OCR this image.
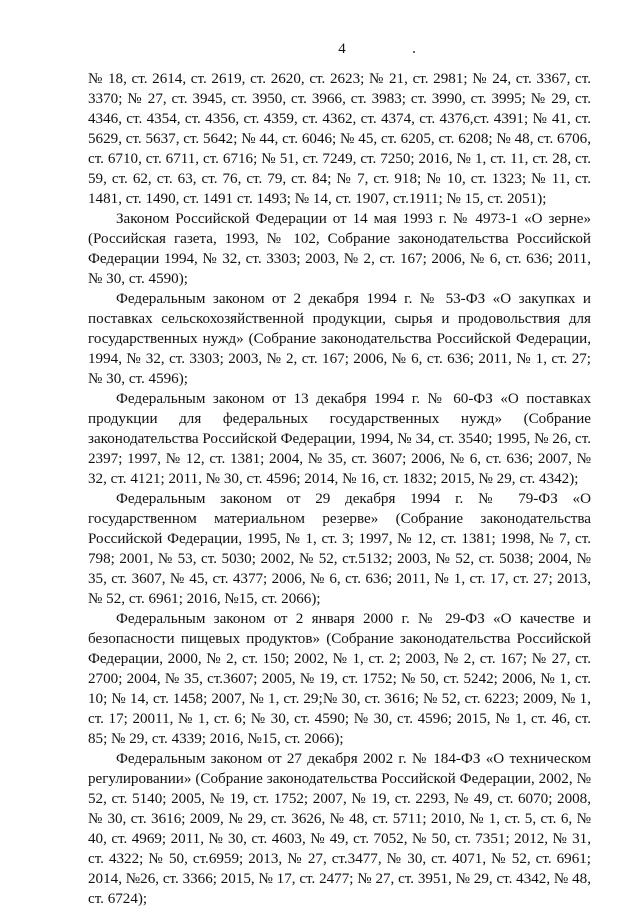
4

№ 18, ст. 2614, ст. 2619, ст. 2620, ст. 2623; № 21, ст. 2981; № 24, ст. 3367, ст. 3370; № 27, ст. 3945, ст. 3950, ст. 3966, ст. 3983; ст. 3990, ст. 3995; № 29, ст. 4346, ст. 4354, ст. 4356, ст. 4359, ст. 4362, ст. 4374, ст. 4376,ст. 4391; № 41, ст. 5629, ст. 5637, ст. 5642; № 44, ст. 6046; № 45, ст. 6205, ст. 6208; № 48, ст. 6706, ст. 6710, ст. 6711, ст. 6716; № 51, ст. 7249, ст. 7250; 2016, № 1, ст. 11, ст. 28, ст. 59, ст. 62, ст. 63, ст. 76, ст. 79, ст. 84; № 7, ст. 918; № 10, ст. 1323; № 11, ст. 1481, ст. 1490, ст. 1491 ст. 1493; № 14, ст. 1907, ст.1911; № 15, ст. 2051);

Законом Российской Федерации от 14 мая 1993 г. № 4973-1 «О зерне» (Российская газета, 1993, № 102, Собрание законодательства Российской Федерации 1994, № 32, ст. 3303; 2003, № 2, ст. 167; 2006, № 6, ст. 636; 2011, № 30, ст. 4590);

Федеральным законом от 2 декабря 1994 г. № 53-ФЗ «О закупках и поставках сельскохозяйственной продукции, сырья и продовольствия для государственных нужд» (Собрание законодательства Российской Федерации, 1994, № 32, ст. 3303; 2003, № 2, ст. 167; 2006, № 6, ст. 636; 2011, № 1, ст. 27; № 30, ст. 4596);

Федеральным законом от 13 декабря 1994 г. № 60-ФЗ «О поставках продукции для федеральных государственных нужд» (Собрание законодательства Российской Федерации, 1994, № 34, ст. 3540; 1995, № 26, ст. 2397; 1997, № 12, ст. 1381; 2004, № 35, ст. 3607; 2006, № 6, ст. 636; 2007, № 32, ст. 4121; 2011, № 30, ст. 4596; 2014, № 16, ст. 1832; 2015, № 29, ст. 4342);

Федеральным законом от 29 декабря 1994 г. № 79-ФЗ «О государственном материальном резерве» (Собрание законодательства Российской Федерации, 1995, № 1, ст. 3; 1997, № 12, ст. 1381; 1998, № 7, ст. 798; 2001, № 53, ст. 5030; 2002, № 52, ст.5132; 2003, № 52, ст. 5038; 2004, № 35, ст. 3607, № 45, ст. 4377; 2006, № 6, ст. 636; 2011, № 1, ст. 17, ст. 27; 2013, № 52, ст. 6961; 2016, №15, ст. 2066);

Федеральным законом от 2 января 2000 г. № 29-ФЗ «О качестве и безопасности пищевых продуктов» (Собрание законодательства Российской Федерации, 2000, № 2, ст. 150; 2002, № 1, ст. 2; 2003, № 2, ст. 167; № 27, ст. 2700; 2004, № 35, ст.3607; 2005, № 19, ст. 1752; № 50, ст. 5242; 2006, № 1, ст. 10; № 14, ст. 1458; 2007, № 1, ст. 29;№ 30, ст. 3616; № 52, ст. 6223; 2009, № 1, ст. 17; 20011, № 1, ст. 6; № 30, ст. 4590; № 30, ст. 4596; 2015, № 1, ст. 46, ст. 85; № 29, ст. 4339; 2016, №15, ст. 2066);

Федеральным законом от 27 декабря 2002 г. № 184-ФЗ «О техническом регулировании» (Собрание законодательства Российской Федерации, 2002, № 52, ст. 5140; 2005, № 19, ст. 1752; 2007, № 19, ст. 2293, № 49, ст. 6070; 2008, № 30, ст. 3616; 2009, № 29, ст. 3626, № 48, ст. 5711; 2010, № 1, ст. 5, ст. 6, № 40, ст. 4969; 2011, № 30, ст. 4603, № 49, ст. 7052, № 50, ст. 7351; 2012, № 31, ст. 4322; № 50, ст.6959; 2013, № 27, ст.3477, № 30, ст. 4071, № 52, ст. 6961; 2014, №26, ст. 3366; 2015, № 17, ст. 2477; № 27, ст. 3951, № 29, ст. 4342, № 48, ст. 6724);
